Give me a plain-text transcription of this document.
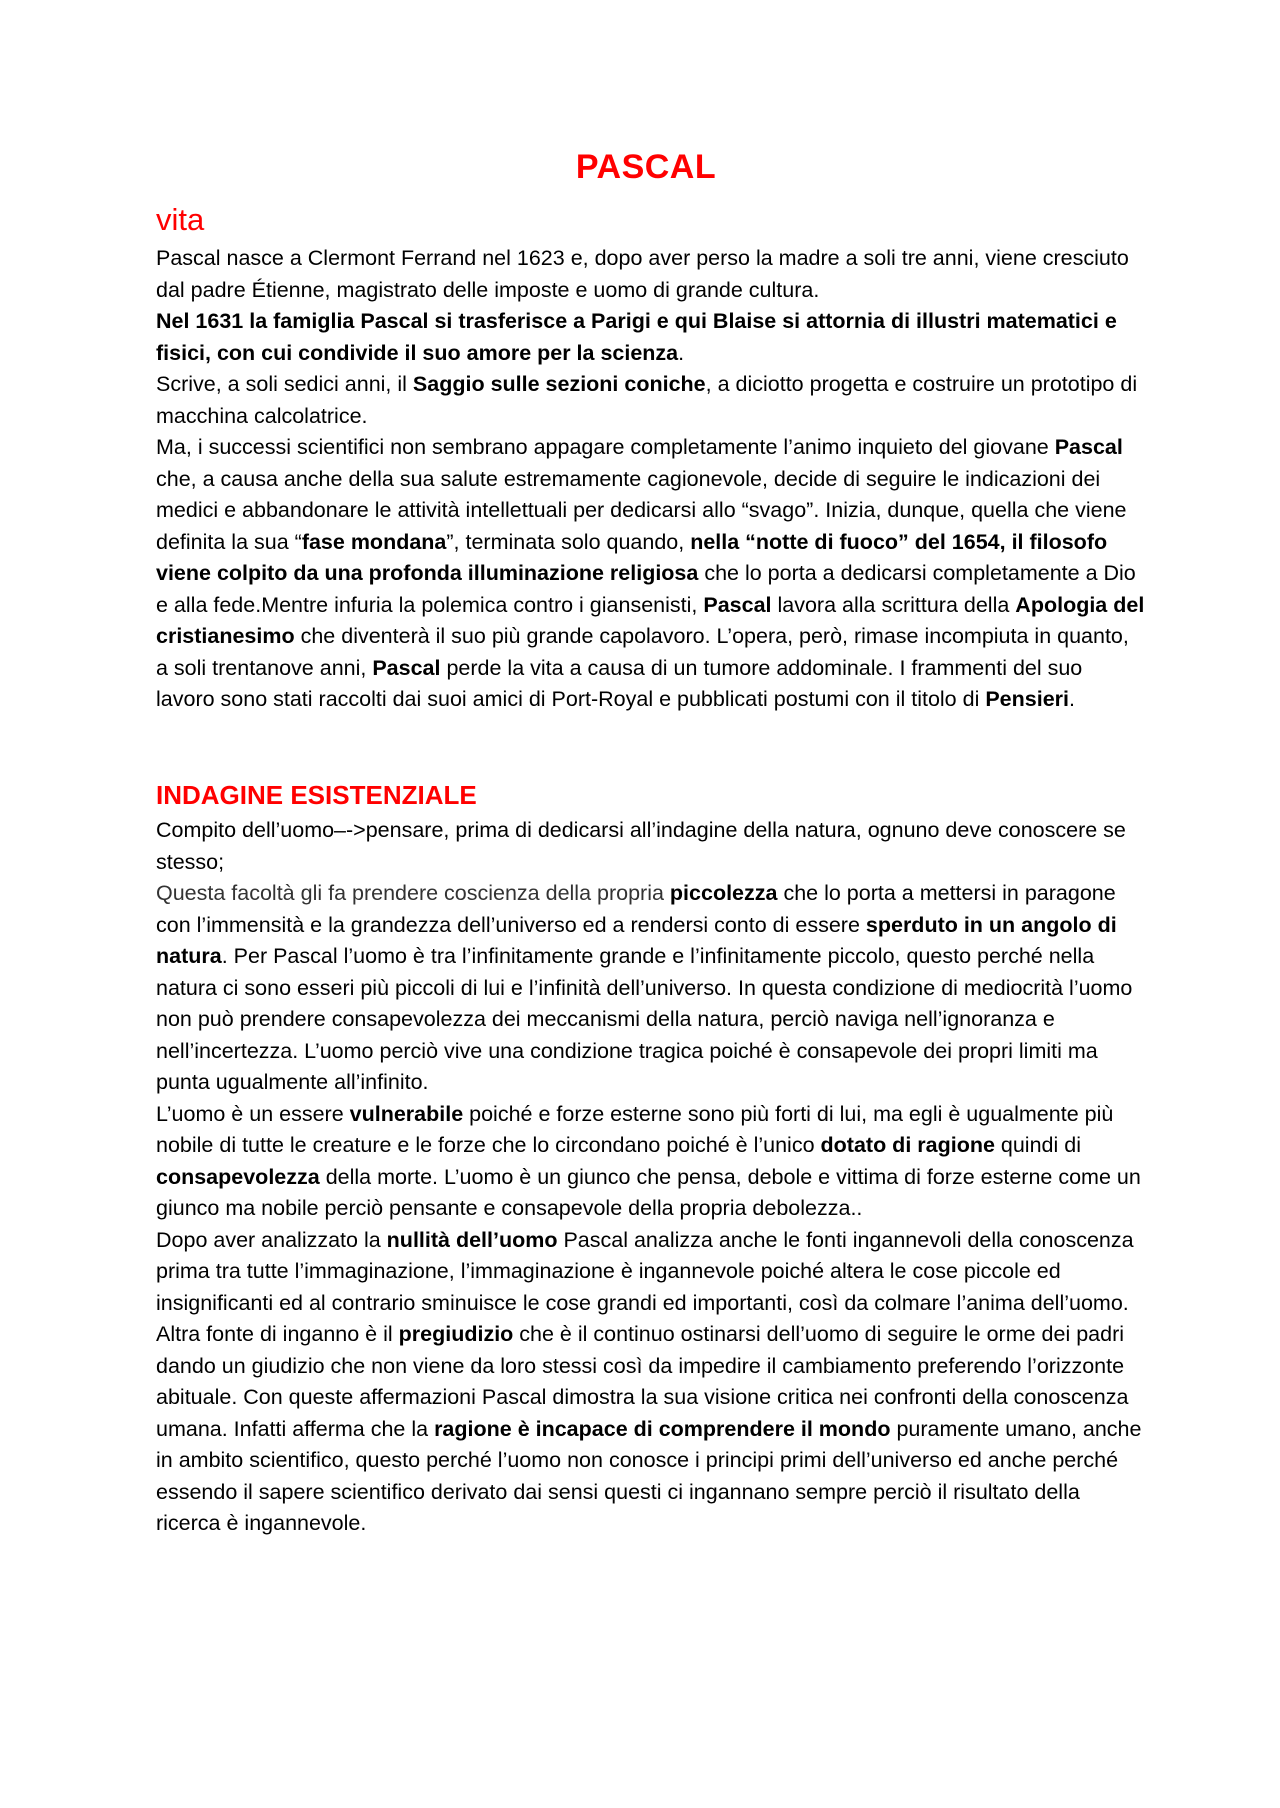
PASCAL
vita

Pascal nasce a Clermont Ferrand nel 1623 e, dopo aver perso la madre a soli tre anni, viene cresciuto dal padre Étienne, magistrato delle imposte e uomo di grande cultura.

Nel 1631 la famiglia Pascal si trasferisce a Parigi e qui Blaise si attornia di illustri matematici e fisici, con cui condivide il suo amore per la scienza.

Scrive, a soli sedici anni, il Saggio sulle sezioni coniche, a diciotto progetta e costruire un prototipo di macchina calcolatrice.

Ma, i successi scientifici non sembrano appagare completamente l’animo inquieto del giovane Pascal che, a causa anche della sua salute estremamente cagionevole, decide di seguire le indicazioni dei medici e abbandonare le attività intellettuali per dedicarsi allo “svago”. Inizia, dunque, quella che viene definita la sua “fase mondana”, terminata solo quando, nella “notte di fuoco” del 1654, il filosofo viene colpito da una profonda illuminazione religiosa che lo porta a dedicarsi completamente a Dio e alla fede.Mentre infuria la polemica contro i giansenisti, Pascal lavora alla scrittura della Apologia del cristianesimo che diventerà il suo più grande capolavoro. L’opera, però, rimase incompiuta in quanto, a soli trentanove anni, Pascal perde la vita a causa di un tumore addominale. I frammenti del suo lavoro sono stati raccolti dai suoi amici di Port-Royal e pubblicati postumi con il titolo di Pensieri.

INDAGINE ESISTENZIALE

Compito dell’uomo–->pensare, prima di dedicarsi all’indagine della natura, ognuno deve conoscere se stesso;

Questa facoltà gli fa prendere coscienza della propria piccolezza che lo porta a mettersi in paragone con l’immensità e la grandezza dell’universo ed a rendersi conto di essere sperduto in un angolo di natura. Per Pascal l’uomo è tra l’infinitamente grande e l’infinitamente piccolo, questo perché nella natura ci sono esseri più piccoli di lui e l’infinità dell’universo. In questa condizione di mediocrità l’uomo non può prendere consapevolezza dei meccanismi della natura, perciò naviga nell’ignoranza e nell’incertezza. L’uomo perciò vive una condizione tragica poiché è consapevole dei propri limiti ma punta ugualmente all’infinito.

L’uomo è un essere vulnerabile poiché e forze esterne sono più forti di lui, ma egli è ugualmente più nobile di tutte le creature e le forze che lo circondano poiché è l’unico dotato di ragione quindi di consapevolezza della morte. L’uomo è un giunco che pensa, debole e vittima di forze esterne come un giunco ma nobile perciò pensante e consapevole della propria debolezza..

Dopo aver analizzato la nullità dell’uomo Pascal analizza anche le fonti ingannevoli della conoscenza prima tra tutte l’immaginazione, l’immaginazione è ingannevole poiché altera le cose piccole ed insignificanti ed al contrario sminuisce le cose grandi ed importanti, così da colmare l’anima dell’uomo. Altra fonte di inganno è il pregiudizio che è il continuo ostinarsi dell’uomo di seguire le orme dei padri dando un giudizio che non viene da loro stessi così da impedire il cambiamento preferendo l’orizzonte abituale. Con queste affermazioni Pascal dimostra la sua visione critica nei confronti della conoscenza umana. Infatti afferma che la ragione è incapace di comprendere il mondo puramente umano, anche in ambito scientifico, questo perché l’uomo non conosce i principi primi dell’universo ed anche perché essendo il sapere scientifico derivato dai sensi questi ci ingannano sempre perciò il risultato della ricerca è ingannevole.
